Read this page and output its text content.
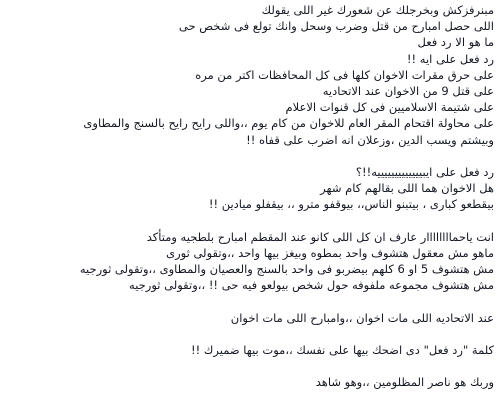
مبنرفزكش وبخرجلك عن شعورك غير اللى يقولك
اللى حصل امبارح من قتل وضرب وسحل وانك تولع فى شخص حى
ما هو الا رد فعل
رد فعل على ايه !!
على حرق مقرات الاخوان كلها فى كل المحافظات اكتر من مره
على قتل 9 من الاخوان عند الاتحاديه
على شتيمة الاسلاميين فى كل قنوات الاعلام
على محاولة اقتحام المقر العام للاخوان من كام يوم ،،واللى رايح رايح بالسنج والمطاوى
وبيشتم ويسب الدين ،وزعلان انه اضرب على قفاه !!
رد فعل على ايبيييييييييييييه!!؟
هل الاخوان هما اللى بقالهم كام شهر
بيقطعو كبارى ، بيتبنو الناس،، بيوقفو مترو ،، بيقفلو ميادين !!
انت ياحماااااااار عارف ان كل اللى كانو عند المقطم امبارح بلطجيه ومتأكد
ماهو مش معقول هتشوف واحد بمطوه وبيغز بيها واحد ،،وتقولى ثورى
مش هتشوف 5 او 6 كلهم بيضربو فى واحد بالسنج والعصيان والمطاوى ،،وتقولى ثورجيه
مش هتشوف مجموعه ملفوفه حول شخص بيولعو فيه حى !! ،،وتقولى ثورجيه
عند الاتحاديه اللى مات اخوان ،،وامبارح اللى مات اخوان
كلمة "رد فعل" دى اضحك بيها على نفسك ،،موت بيها ضميرك !!
وربك هو ناصر المظلومين ،،وهو شاهد
